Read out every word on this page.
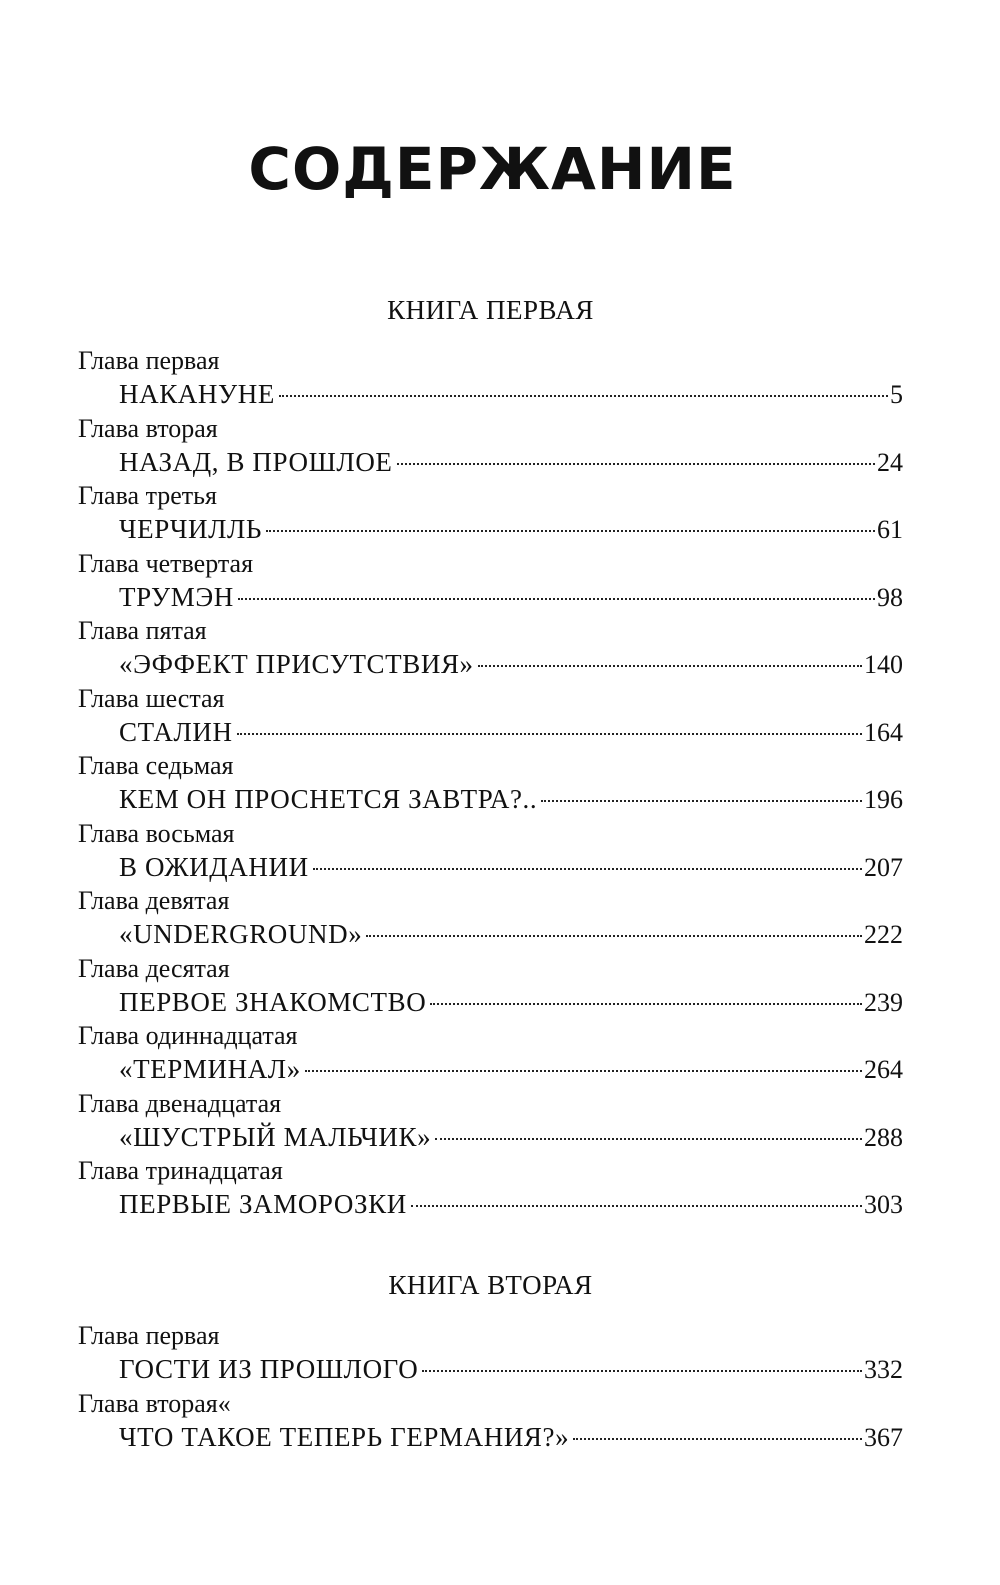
СОДЕРЖАНИЕ
КНИГА ПЕРВАЯ
Глава первая
НАКАНУНЕ	5
Глава вторая
НАЗАД, В ПРОШЛОЕ	24
Глава третья
ЧЕРЧИЛЛЬ	61
Глава четвертая
ТРУМЭН	98
Глава пятая
«ЭФФЕКТ ПРИСУТСТВИЯ»	140
Глава шестая
СТАЛИН	164
Глава седьмая
КЕМ ОН ПРОСНЕТСЯ ЗАВТРА?..	196
Глава восьмая
В ОЖИДАНИИ	207
Глава девятая
«UNDERGROUND»	222
Глава десятая
ПЕРВОЕ ЗНАКОМСТВО	239
Глава одиннадцатая
«ТЕРМИНАЛ»	264
Глава двенадцатая
«ШУСТРЫЙ МАЛЬЧИК»	288
Глава тринадцатая
ПЕРВЫЕ ЗАМОРОЗКИ	303
КНИГА ВТОРАЯ
Глава первая
ГОСТИ ИЗ ПРОШЛОГО	332
Глава вторая«
ЧТО ТАКОЕ ТЕПЕРЬ ГЕРМАНИЯ?»	367
